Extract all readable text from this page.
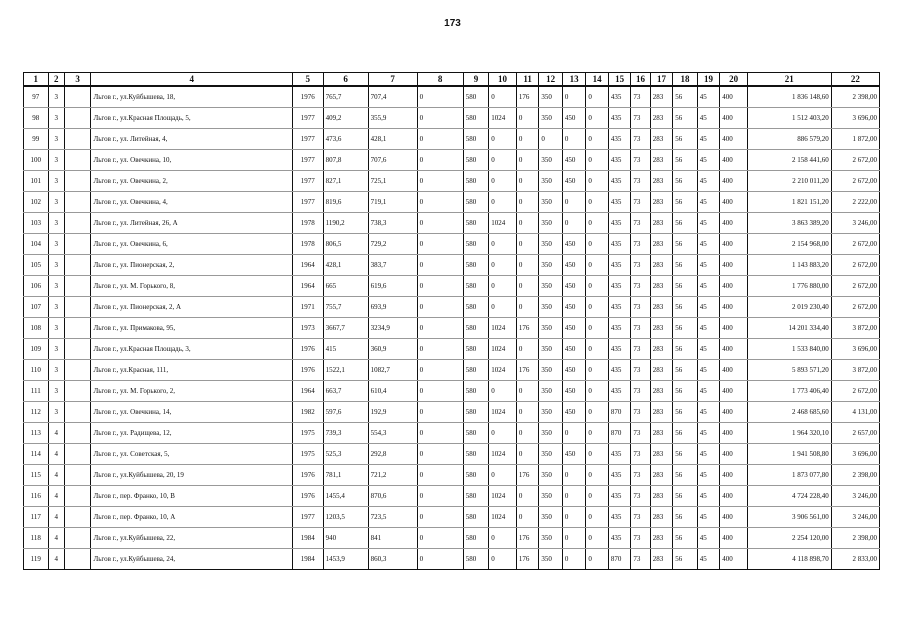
173
1	2	3	4	5	6	7	8	9	10	11	12	13	14	15	16	17	18	19	20	21	22
97	3		Льгов г., ул.Куйбышева, 18,	1976	765,7	707,4	0	580	0	176	350	0	0	435	73	283	56	45	400	1 836 148,60	2 398,00
98	3		Льгов г., ул.Красная Площадь, 5,	1977	409,2	355,9	0	580	1024	0	350	450	0	435	73	283	56	45	400	1 512 403,20	3 696,00
99	3		Льгов г., ул. Литейная, 4,	1977	473,6	428,1	0	580	0	0	0	0	0	435	73	283	56	45	400	886 579,20	1 872,00
100	3		Льгов г., ул. Овечкина, 10,	1977	807,8	707,6	0	580	0	0	350	450	0	435	73	283	56	45	400	2 158 441,60	2 672,00
101	3		Льгов г., ул. Овечкина, 2,	1977	827,1	725,1	0	580	0	0	350	450	0	435	73	283	56	45	400	2 210 011,20	2 672,00
102	3		Льгов г., ул. Овечкина, 4,	1977	819,6	719,1	0	580	0	0	350	0	0	435	73	283	56	45	400	1 821 151,20	2 222,00
103	3		Льгов г., ул. Литейная, 26, А	1978	1190,2	738,3	0	580	1024	0	350	0	0	435	73	283	56	45	400	3 863 389,20	3 246,00
104	3		Льгов г., ул. Овечкина, 6,	1978	806,5	729,2	0	580	0	0	350	450	0	435	73	283	56	45	400	2 154 968,00	2 672,00
105	3		Льгов г., ул. Пионерская, 2,	1964	428,1	383,7	0	580	0	0	350	450	0	435	73	283	56	45	400	1 143 883,20	2 672,00
106	3		Льгов г., ул. М. Горького, 8,	1964	665	619,6	0	580	0	0	350	450	0	435	73	283	56	45	400	1 776 880,00	2 672,00
107	3		Льгов г., ул. Пионерская, 2, А	1971	755,7	693,9	0	580	0	0	350	450	0	435	73	283	56	45	400	2 019 230,40	2 672,00
108	3		Льгов г., ул. Примакова, 95,	1973	3667,7	3234,9	0	580	1024	176	350	450	0	435	73	283	56	45	400	14 201 334,40	3 872,00
109	3		Льгов г., ул.Красная Площадь, 3,	1976	415	360,9	0	580	1024	0	350	450	0	435	73	283	56	45	400	1 533 840,00	3 696,00
110	3		Льгов г., ул.Красная, 111,	1976	1522,1	1082,7	0	580	1024	176	350	450	0	435	73	283	56	45	400	5 893 571,20	3 872,00
111	3		Льгов г., ул. М. Горького, 2,	1964	663,7	610,4	0	580	0	0	350	450	0	435	73	283	56	45	400	1 773 406,40	2 672,00
112	3		Льгов г., ул. Овечкина, 14,	1982	597,6	192,9	0	580	1024	0	350	450	0	870	73	283	56	45	400	2 468 685,60	4 131,00
113	4		Льгов г., ул. Радищева, 12,	1975	739,3	554,3	0	580	0	0	350	0	0	870	73	283	56	45	400	1 964 320,10	2 657,00
114	4		Льгов г., ул. Советская, 5,	1975	525,3	292,8	0	580	1024	0	350	450	0	435	73	283	56	45	400	1 941 508,80	3 696,00
115	4		Льгов г., ул.Куйбышева, 20, 19	1976	781,1	721,2	0	580	0	176	350	0	0	435	73	283	56	45	400	1 873 077,80	2 398,00
116	4		Льгов г., пер. Франко, 10, В	1976	1455,4	870,6	0	580	1024	0	350	0	0	435	73	283	56	45	400	4 724 228,40	3 246,00
117	4		Льгов г., пер. Франко, 10, А	1977	1203,5	723,5	0	580	1024	0	350	0	0	435	73	283	56	45	400	3 906 561,00	3 246,00
118	4		Льгов г., ул.Куйбышева, 22,	1984	940	841	0	580	0	176	350	0	0	435	73	283	56	45	400	2 254 120,00	2 398,00
119	4		Льгов г., ул.Куйбышева, 24,	1984	1453,9	860,3	0	580	0	176	350	0	0	870	73	283	56	45	400	4 118 898,70	2 833,00
